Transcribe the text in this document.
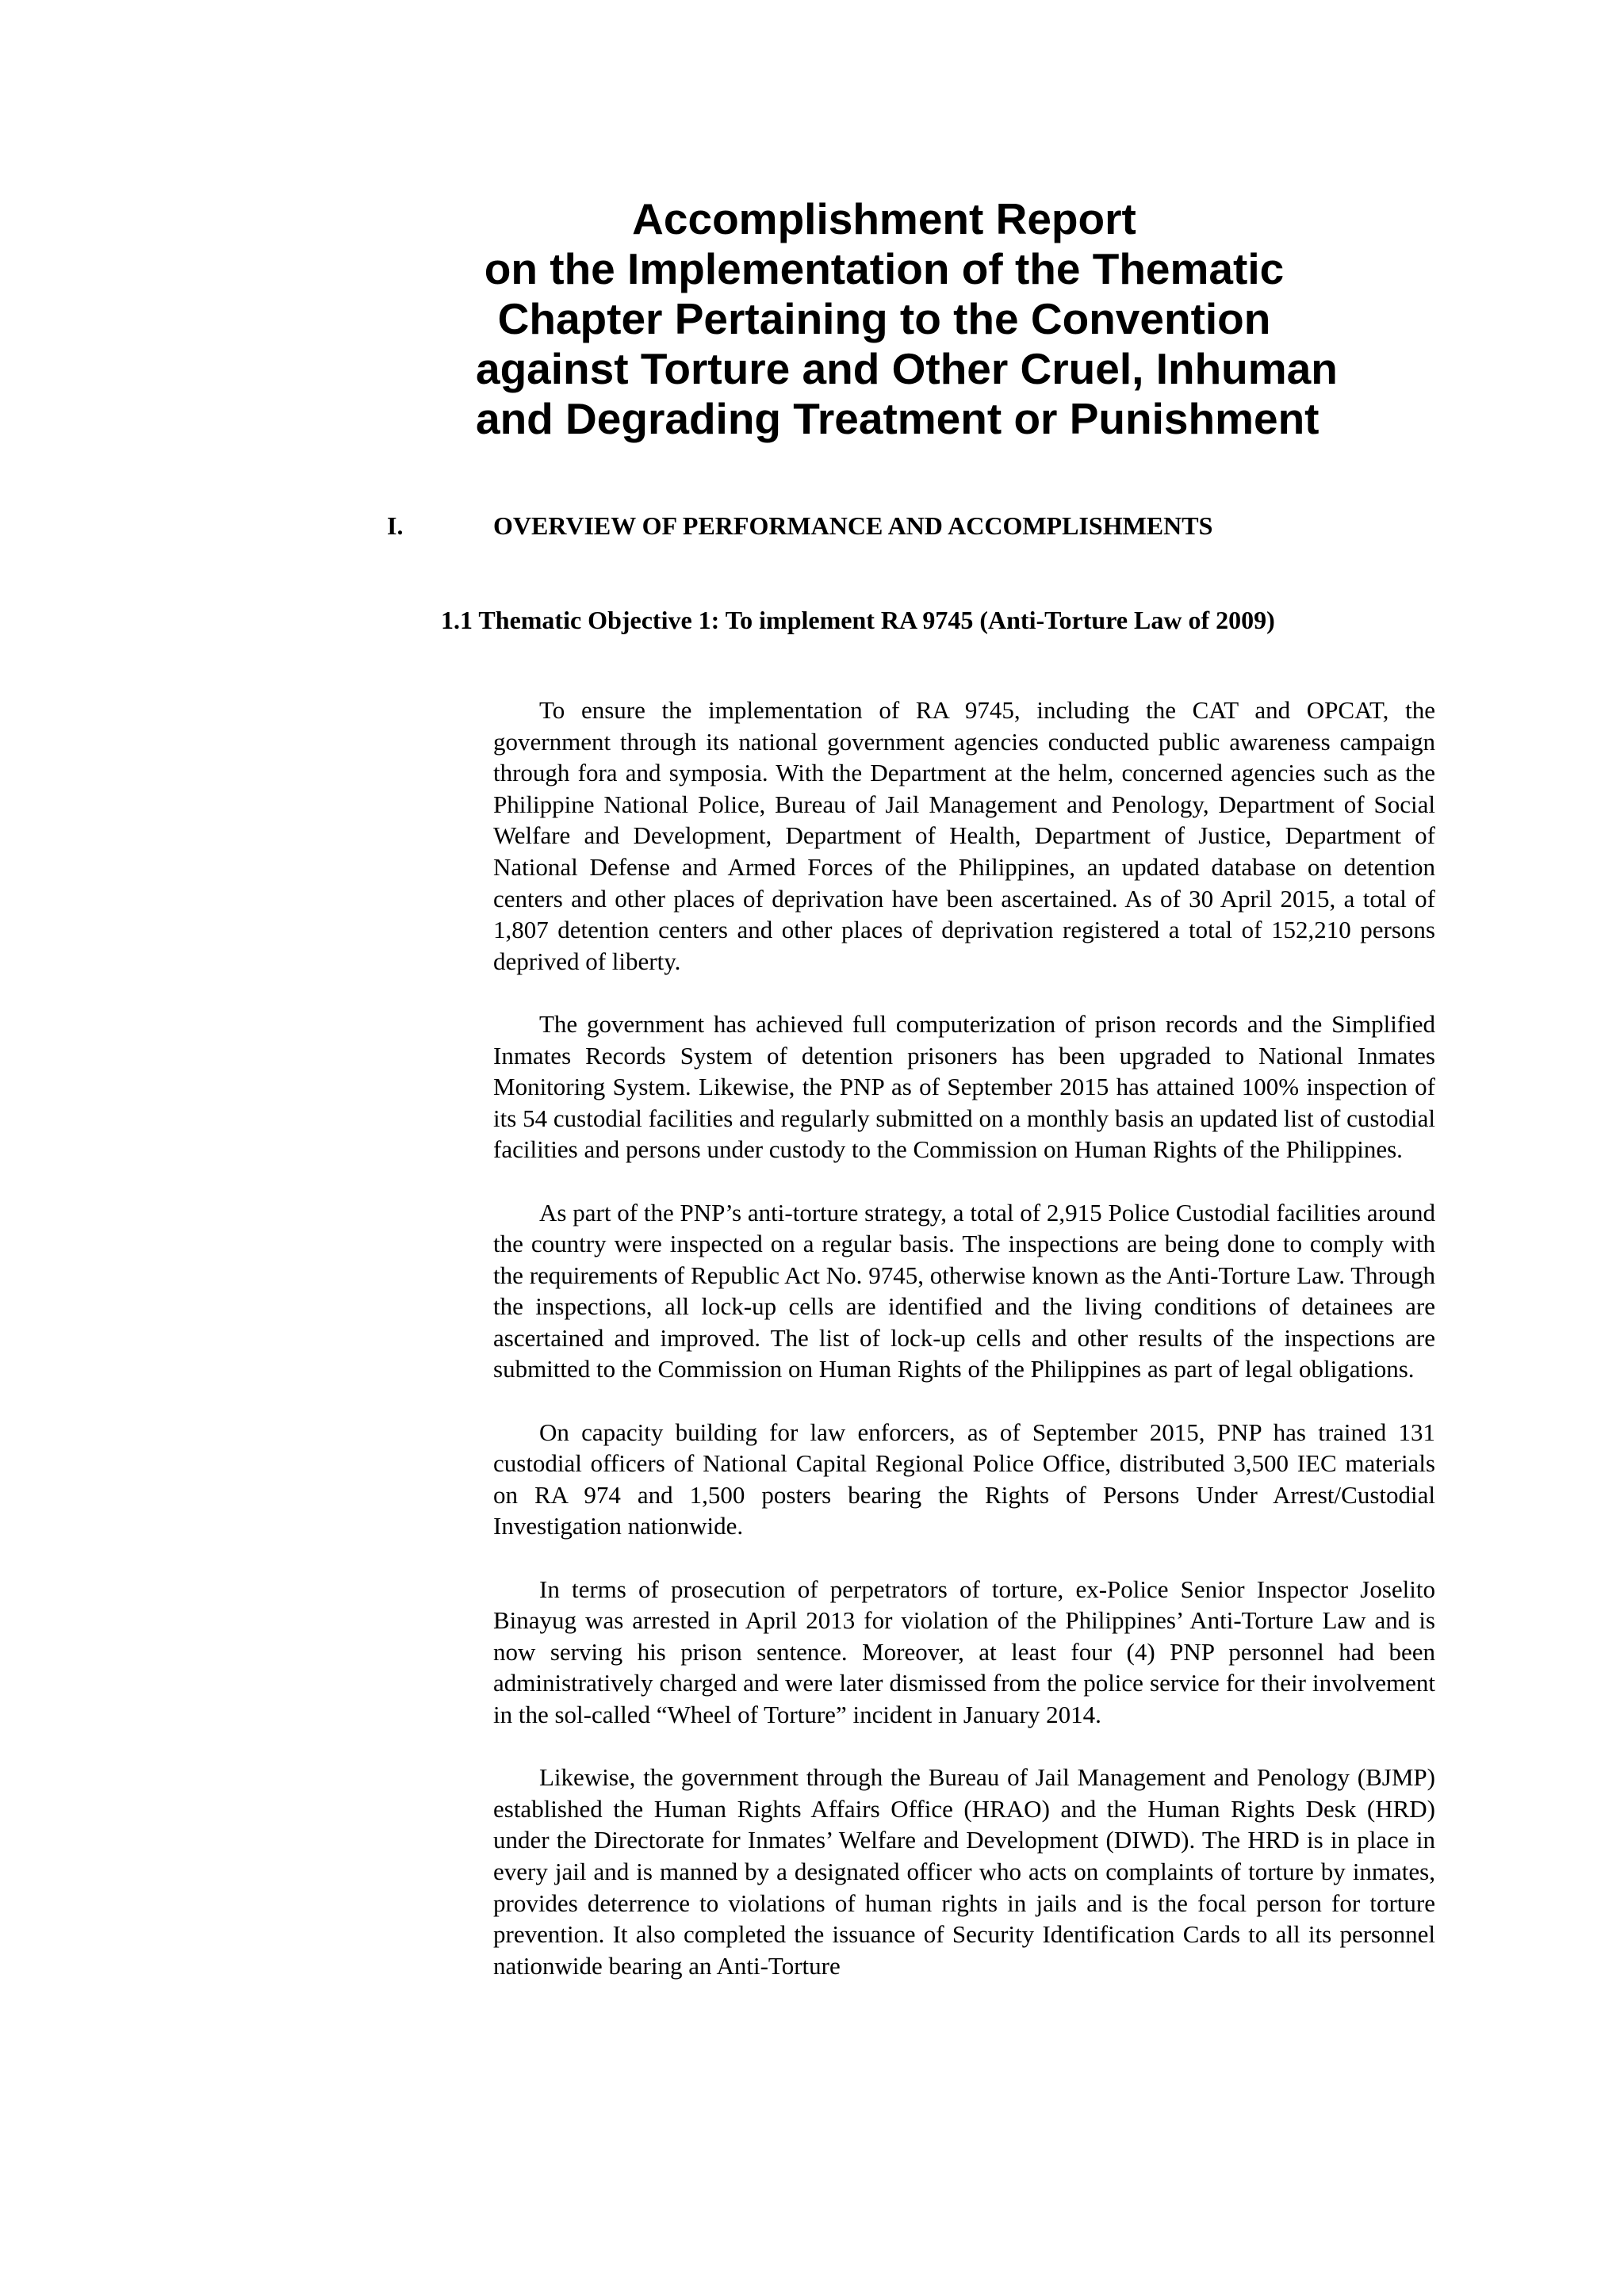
Accomplishment Report
on the Implementation of the Thematic
Chapter Pertaining to the Convention
against Torture and Other Cruel, Inhuman
and Degrading Treatment or Punishment
I.	OVERVIEW OF PERFORMANCE AND ACCOMPLISHMENTS
1.1 Thematic Objective 1: To implement RA 9745 (Anti-Torture Law of 2009)

To ensure the implementation of RA 9745, including the CAT and OPCAT, the government through its national government agencies conducted public awareness campaign through fora and symposia. With the Department at the helm, concerned agencies such as the Philippine National Police, Bureau of Jail Management and Penology, Department of Social Welfare and Development, Department of Health, Department of Justice, Department of National Defense and Armed Forces of the Philippines, an updated database on detention centers and other places of deprivation have been ascertained. As of 30 April 2015, a total of 1,807 detention centers and other places of deprivation registered a total of 152,210 persons deprived of liberty.

The government has achieved full computerization of prison records and the Simplified Inmates Records System of detention prisoners has been upgraded to National Inmates Monitoring System. Likewise, the PNP as of September 2015 has attained 100% inspection of its 54 custodial facilities and regularly submitted on a monthly basis an updated list of custodial facilities and persons under custody to the Commission on Human Rights of the Philippines.

As part of the PNP’s anti-torture strategy, a total of 2,915 Police Custodial facilities around the country were inspected on a regular basis. The inspections are being done to comply with the requirements of Republic Act No. 9745, otherwise known as the Anti-Torture Law. Through the inspections, all lock-up cells are identified and the living conditions of detainees are ascertained and improved. The list of lock-up cells and other results of the inspections are submitted to the Commission on Human Rights of the Philippines as part of legal obligations.

On capacity building for law enforcers, as of September 2015, PNP has trained 131 custodial officers of National Capital Regional Police Office, distributed 3,500 IEC materials on RA 974 and 1,500 posters bearing the Rights of Persons Under Arrest/Custodial Investigation nationwide.

In terms of prosecution of perpetrators of torture, ex-Police Senior Inspector Joselito Binayug was arrested in April 2013 for violation of the Philippines’ Anti-Torture Law and is now serving his prison sentence. Moreover, at least four (4) PNP personnel had been administratively charged and were later dismissed from the police service for their involvement in the sol-called “Wheel of Torture” incident in January 2014.

Likewise, the government through the Bureau of Jail Management and Penology (BJMP) established the Human Rights Affairs Office (HRAO) and the Human Rights Desk (HRD) under the Directorate for Inmates’ Welfare and Development (DIWD). The HRD is in place in every jail and is manned by a designated officer who acts on complaints of torture by inmates, provides deterrence to violations of human rights in jails and is the focal person for torture prevention. It also completed the issuance of Security Identification Cards to all its personnel nationwide bearing an Anti-Torture
